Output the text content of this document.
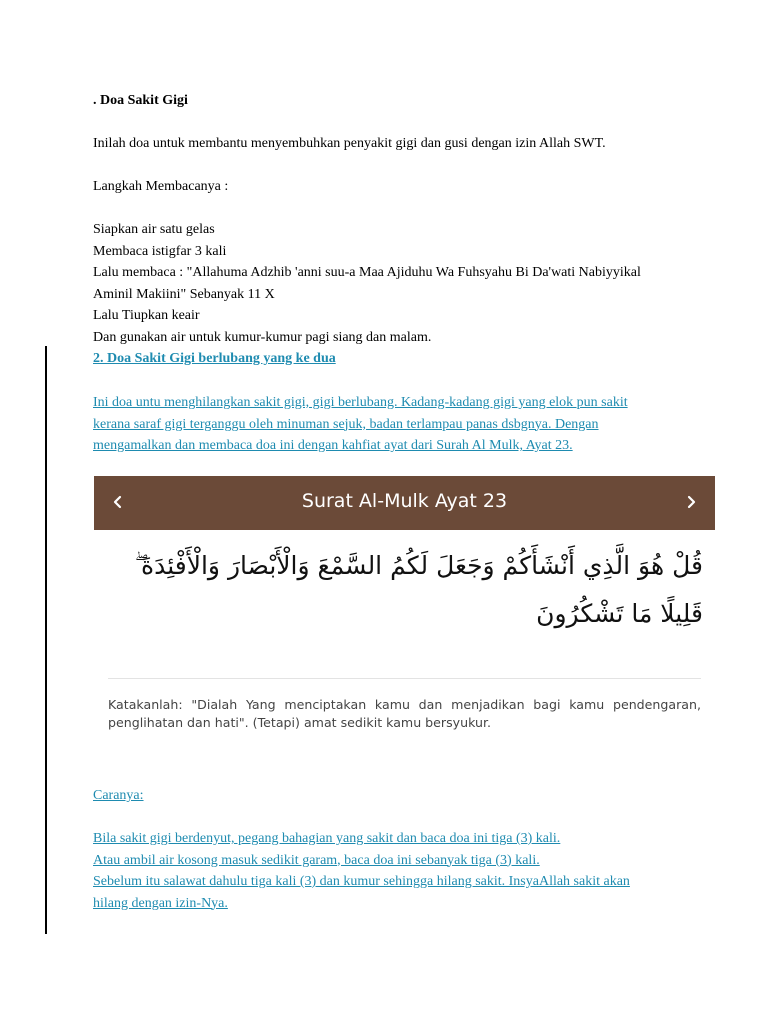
. Doa Sakit Gigi
Inilah doa untuk membantu menyembuhkan penyakit gigi dan gusi dengan izin Allah SWT.
Langkah Membacanya :
Siapkan air satu gelas
Membaca istigfar 3 kali
Lalu membaca : "Allahuma Adzhib 'anni suu-a Maa Ajiduhu Wa Fuhsyahu Bi Da'wati Nabiyyikal
Aminil Makiini" Sebanyak 11 X
Lalu Tiupkan keair
Dan gunakan air untuk kumur-kumur pagi siang dan malam.
2. Doa Sakit Gigi berlubang yang ke dua
Ini doa untu menghilangkan sakit gigi, gigi berlubang. Kadang-kadang gigi yang elok pun sakit
kerana saraf gigi terganggu oleh minuman sejuk, badan terlampau panas dsbgnya. Dengan
mengamalkan dan membaca doa ini dengan kahfiat ayat dari Surah Al Mulk, Ayat 23.
Caranya:
Bila sakit gigi berdenyut, pegang bahagian yang sakit dan baca doa ini tiga (3) kali.
Atau ambil air kosong masuk sedikit garam, baca doa ini sebanyak tiga (3) kali.
Sebelum itu salawat dahulu tiga kali (3) dan kumur sehingga hilang sakit. InsyaAllah sakit akan
hilang dengan izin-Nya.
Surat Al-Mulk Ayat 23
قُلْ هُوَ الَّذِي أَنْشَأَكُمْ وَجَعَلَ لَكُمُ السَّمْعَ وَالْأَبْصَارَ وَالْأَفْئِدَةَ ۖ قَلِيلًا مَا تَشْكُرُونَ
Katakanlah: "Dialah Yang menciptakan kamu dan menjadikan bagi kamu pendengaran, penglihatan dan hati". (Tetapi) amat sedikit kamu bersyukur.
